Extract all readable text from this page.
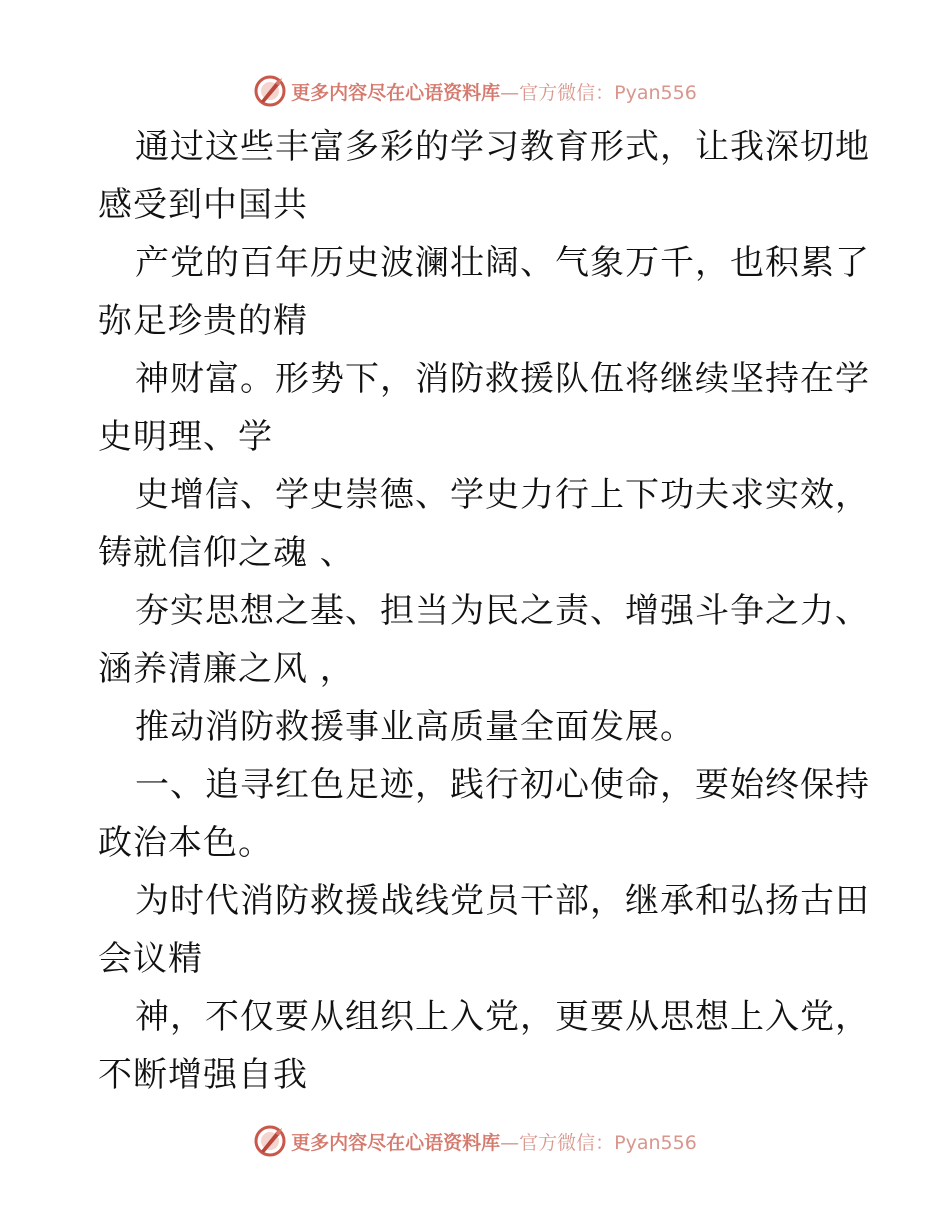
更多内容尽在心语资料库—官方微信：Pyan556
通过这些丰富多彩的学习教育形式，让我深切地
感受到中国共
产党的百年历史波澜壮阔、气象万千，也积累了
弥足珍贵的精
神财富。形势下，消防救援队伍将继续坚持在学
史明理、学
史增信、学史崇德、学史力行上下功夫求实效，
铸就信仰之魂 、
夯实思想之基、担当为民之责、增强斗争之力、
涵养清廉之风 ，
推动消防救援事业高质量全面发展。
一、追寻红色足迹，践行初心使命，要始终保持
政治本色。
为时代消防救援战线党员干部，继承和弘扬古田
会议精
神，不仅要从组织上入党，更要从思想上入党，
不断增强自我
更多内容尽在心语资料库—官方微信：Pyan556
